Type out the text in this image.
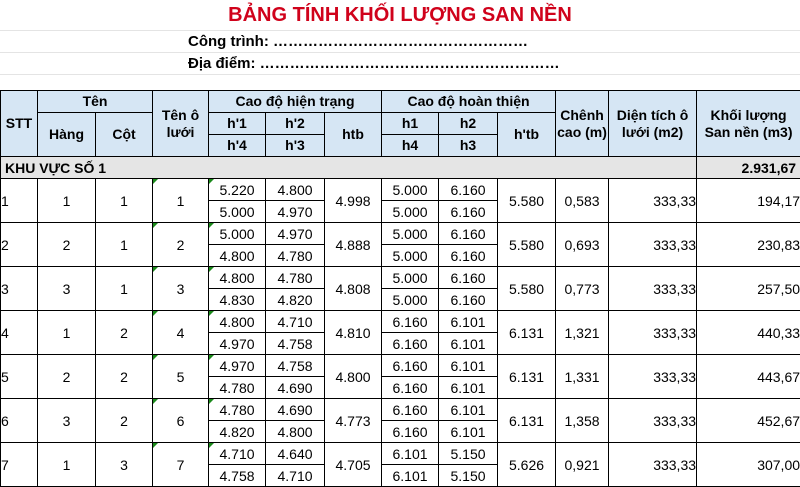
BẢNG TÍNH KHỐI LƯỢNG SAN NỀN
Công trình: ……………………………………………
Địa điểm: ……………………………………………………
STT	Tên		Tên ô lưới	Cao độ hiện trạng			Cao độ hoàn thiện			Chênh cao (m)	Diện tích ô lưới (m2)	Khối lượng San nền (m3)
	Hàng	Cột		h'1	h'2	htb	h1	h2	h'tb			
				h'4	h'3		h4	h3				
KHU VỰC SỐ 1												2.931,67
1	1	1	1	5.220	4.800	4.998	5.000	6.160	5.580	0,583	333,33	194,17
				5.000	4.970		5.000	6.160				
2	2	1	2	5.000	4.970	4.888	5.000	6.160	5.580	0,693	333,33	230,83
				4.800	4.780		5.000	6.160				
3	3	1	3	4.800	4.780	4.808	5.000	6.160	5.580	0,773	333,33	257,50
				4.830	4.820		5.000	6.160				
4	1	2	4	4.800	4.710	4.810	6.160	6.101	6.131	1,321	333,33	440,33
				4.970	4.758		6.160	6.101				
5	2	2	5	4.970	4.758	4.800	6.160	6.101	6.131	1,331	333,33	443,67
				4.780	4.690		6.160	6.101				
6	3	2	6	4.780	4.690	4.773	6.160	6.101	6.131	1,358	333,33	452,67
				4.820	4.800		6.160	6.101				
7	1	3	7	4.710	4.640	4.705	6.101	5.150	5.626	0,921	333,33	307,00
				4.758	4.710		6.101	5.150				
